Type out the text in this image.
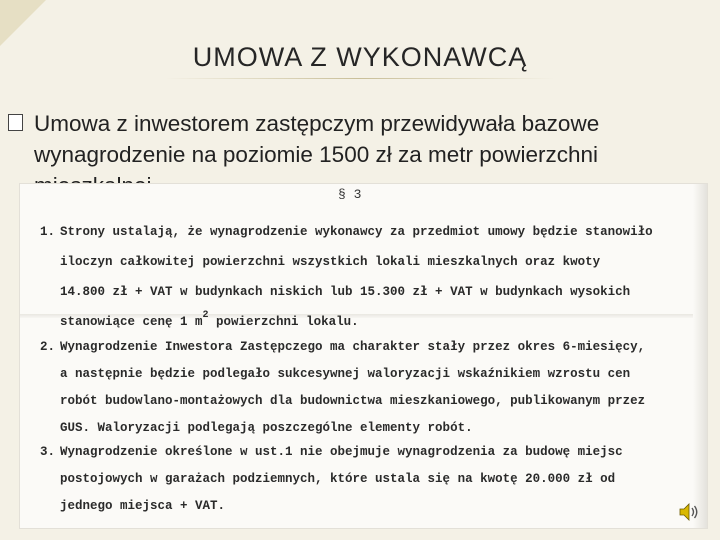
UMOWA Z WYKONAWCĄ
Umowa z inwestorem zastępczym przewidywała bazowe wynagrodzenie na poziomie 1500 zł za metr powierzchni
§ 3
1. Strony ustalają, że wynagrodzenie wykonawcy za przedmiot umowy będzie stanowiło
iloczyn całkowitej powierzchni wszystkich lokali mieszkalnych oraz kwoty
14.800 zł + VAT w budynkach niskich lub 15.300 zł + VAT w budynkach wysokich
stanowiące cenę 1 $m^2$ powierzchni lokalu.
2. Wynagrodzenie Inwestora Zastępczego ma charakter stały przez okres 6-miesięcy,
a następnie będzie podlegało sukcesywnej waloryzacji wskaźnikiem wzrostu cen
robót budowlano-montażowych dla budownictwa mieszkaniowego, publikowanym przez
GUS. Waloryzacji podlegają poszczególne elementy robót.
3. Wynagrodzenie określone w ust.1 nie obejmuje wynagrodzenia za budowę miejsc
postojowych w garażach podziemnych, które ustala się na kwotę 20.000 zł od
jednego miejsca + VAT.
